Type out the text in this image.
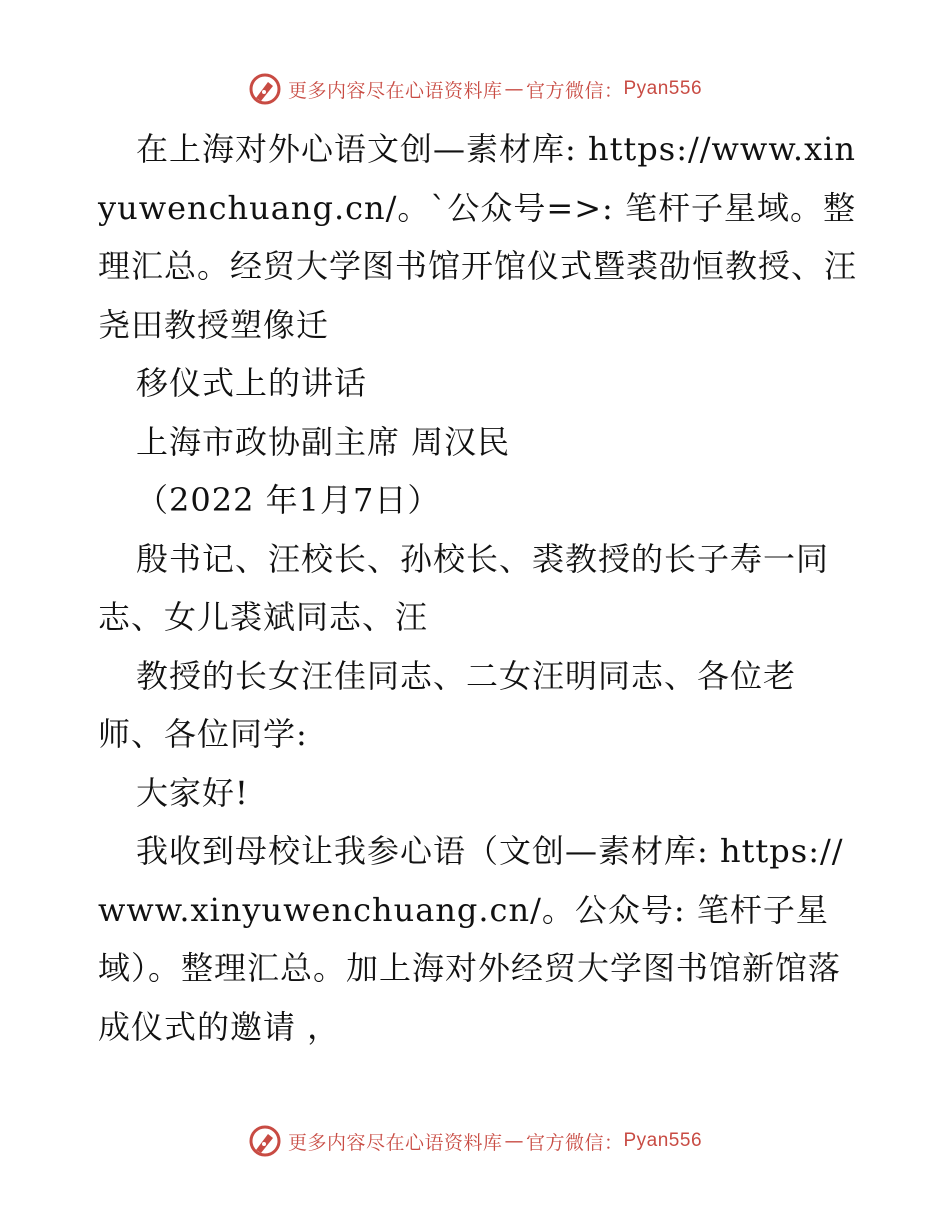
更多内容尽在心语资料库 — 官方微信： Pyan556

在上海对外心语文创—素材库: https://www.xinyuwenchuang.cn/。`公众号=>: 笔杆子星域。整理汇总。经贸大学图书馆开馆仪式暨裘劭恒教授、汪尧田教授塑像迁

移仪式上的讲话

上海市政协副主席 周汉民

（2022 年1月7日）

殷书记、汪校长、孙校长、裘教授的长子寿一同志、女儿裘斌同志、汪

教授的长女汪佳同志、二女汪明同志、各位老师、各位同学:

大家好!

我收到母校让我参心语（文创—素材库: https://www.xinyuwenchuang.cn/。公众号: 笔杆子星域）。整理汇总。加上海对外经贸大学图书馆新馆落成仪式的邀请 ，

更多内容尽在心语资料库 — 官方微信： Pyan556
